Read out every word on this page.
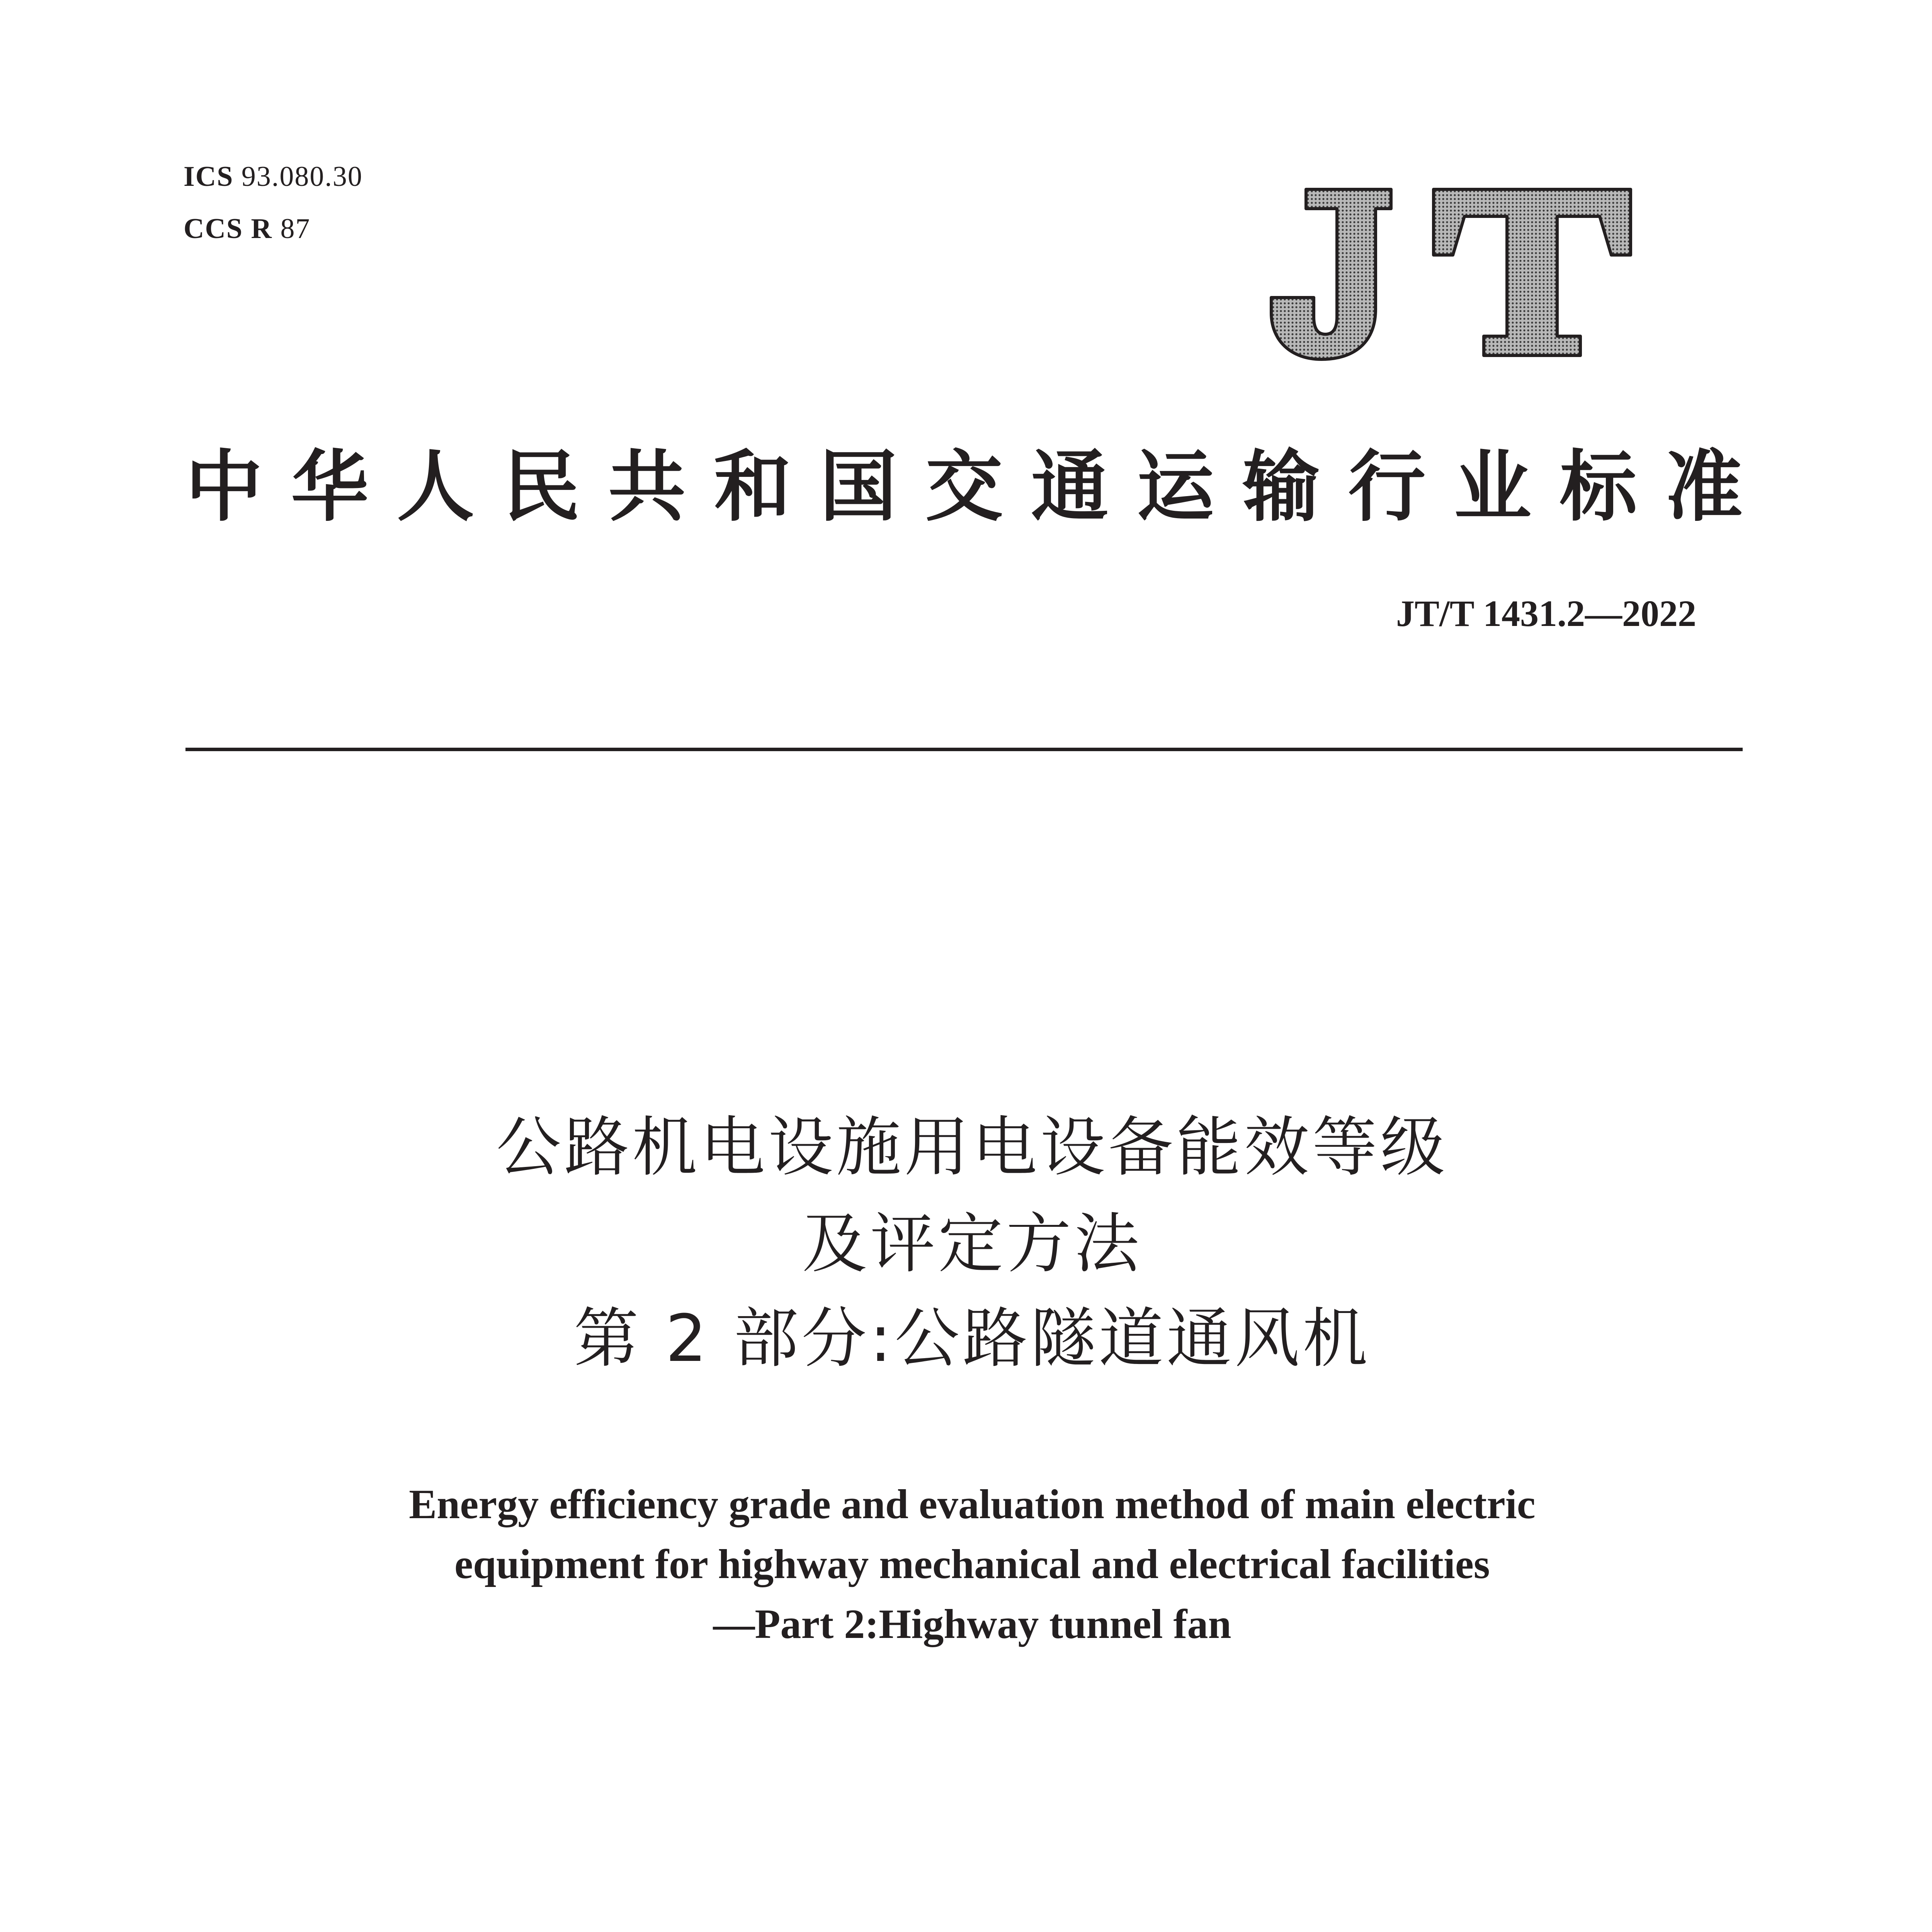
ICS 93.080.30
CCS R 87
中华人民共和国交通运输行业标准
JT/T 1431.2—2022
公路机电设施用电设备能效等级
及评定方法
第 2 部分:公路隧道通风机
Energy efficiency grade and evaluation method of main electric
equipment for highway mechanical and electrical facilities
—Part 2:Highway tunnel fan
